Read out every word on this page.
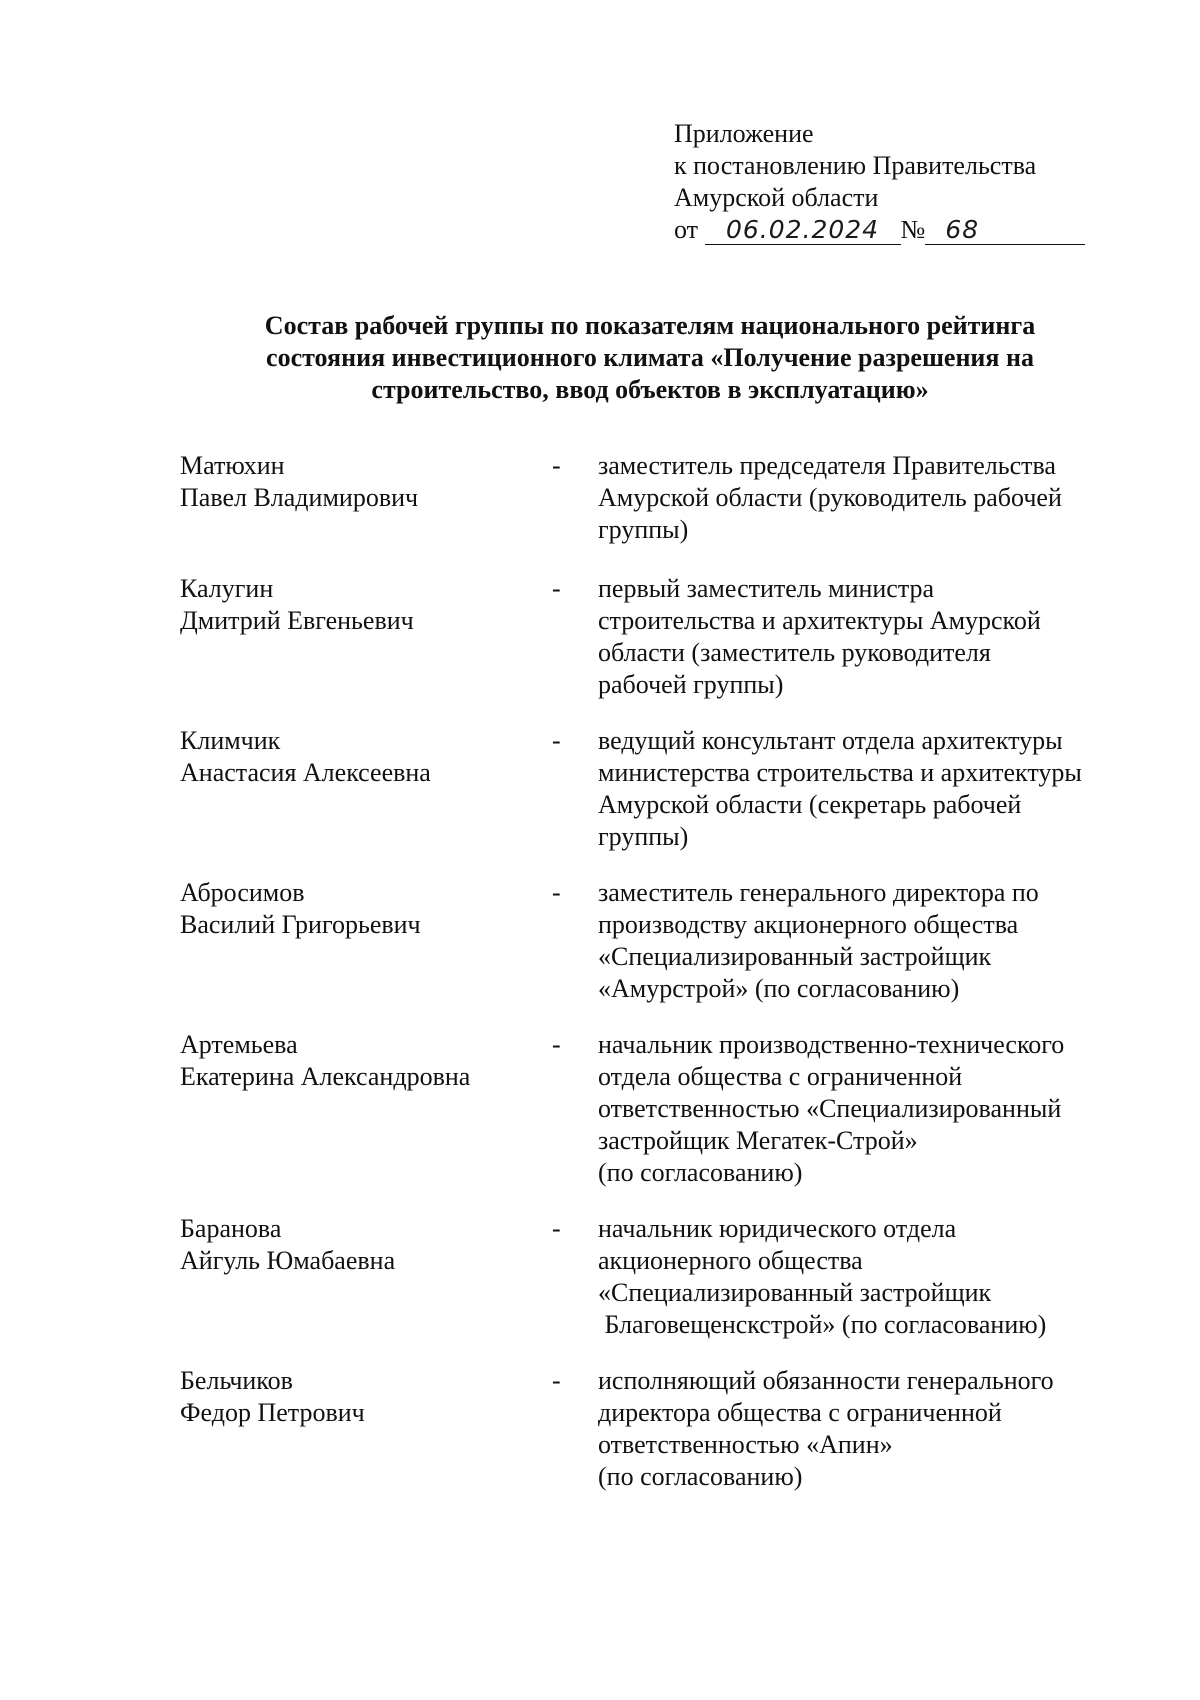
Приложение
к постановлению Правительства
Амурской области
от 06.02.2024 № 68
Состав рабочей группы по показателям национального рейтинга
состояния инвестиционного климата «Получение разрешения на
строительство, ввод объектов в эксплуатацию»
Матюхин
Павел Владимирович
- заместитель председателя Правительства
Амурской области (руководитель рабочей
группы)
Калугин
Дмитрий Евгеньевич
- первый заместитель министра
строительства и архитектуры Амурской
области (заместитель руководителя
рабочей группы)
Климчик
Анастасия Алексеевна
- ведущий консультант отдела архитектуры
министерства строительства и архитектуры
Амурской области (секретарь рабочей
группы)
Абросимов
Василий Григорьевич
- заместитель генерального директора по
производству акционерного общества
«Специализированный застройщик
«Амурстрой» (по согласованию)
Артемьева
Екатерина Александровна
- начальник производственно-технического
отдела общества с ограниченной
ответственностью «Специализированный
застройщик Мегатек-Строй»
(по согласованию)
Баранова
Айгуль Юмабаевна
- начальник юридического отдела
акционерного общества
«Специализированный застройщик
Благовещенскстрой» (по согласованию)
Бельчиков
Федор Петрович
- исполняющий обязанности генерального
директора общества с ограниченной
ответственностью «Апин»
(по согласованию)
